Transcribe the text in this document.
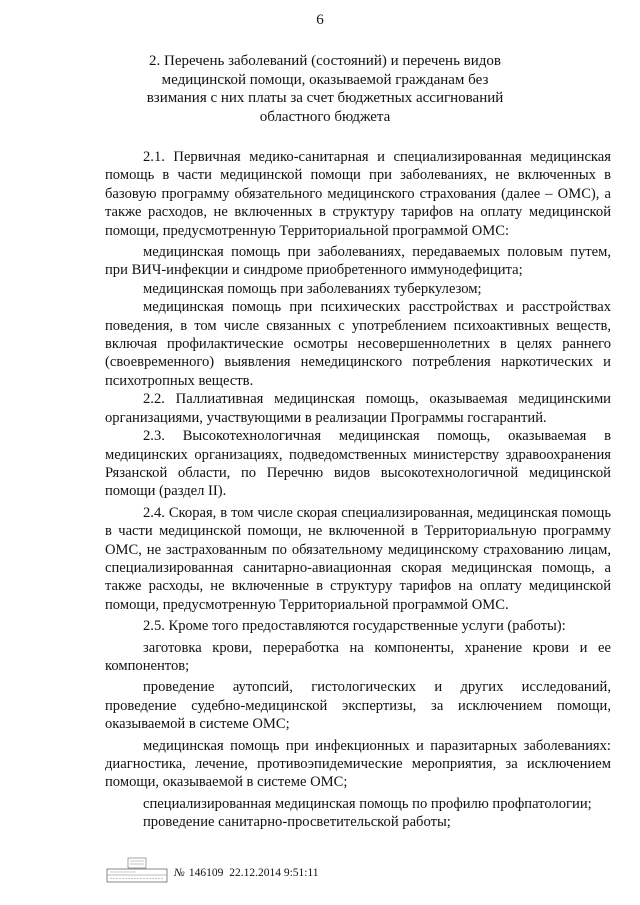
6
2. Перечень заболеваний (состояний) и перечень видов медицинской помощи, оказываемой гражданам без взимания с них платы за счет бюджетных ассигнований областного бюджета

2.1. Первичная медико-санитарная и специализированная медицинская помощь в части медицинской помощи при заболеваниях, не включенных в базовую программу обязательного медицинского страхования (далее – ОМС), а также расходов, не включенных в структуру тарифов на оплату медицинской помощи, предусмотренную Территориальной программой ОМС:

медицинская помощь при заболеваниях, передаваемых половым путем, при ВИЧ-инфекции и синдроме приобретенного иммунодефицита;

медицинская помощь при заболеваниях туберкулезом;

медицинская помощь при психических расстройствах и расстройствах поведения, в том числе связанных с употреблением психоактивных веществ, включая профилактические осмотры несовершеннолетних в целях раннего (своевременного) выявления немедицинского потребления наркотических и психотропных веществ.

2.2. Паллиативная медицинская помощь, оказываемая медицинскими организациями, участвующими в реализации Программы госгарантий.

2.3. Высокотехнологичная медицинская помощь, оказываемая в медицинских организациях, подведомственных министерству здравоохранения Рязанской области, по Перечню видов высокотехнологичной медицинской помощи (раздел II).

2.4. Скорая, в том числе скорая специализированная, медицинская помощь в части медицинской помощи, не включенной в Территориальную программу ОМС, не застрахованным по обязательному медицинскому страхованию лицам, специализированная санитарно-авиационная скорая медицинская помощь, а также расходы, не включенные в структуру тарифов на оплату медицинской помощи, предусмотренную Территориальной программой ОМС.

2.5. Кроме того предоставляются государственные услуги (работы):

заготовка крови, переработка на компоненты, хранение крови и ее компонентов;

проведение аутопсий, гистологических и других исследований, проведение судебно-медицинской экспертизы, за исключением помощи, оказываемой в системе ОМС;

медицинская помощь при инфекционных и паразитарных заболеваниях: диагностика, лечение, противоэпидемические мероприятия, за исключением помощи, оказываемой в системе ОМС;

специализированная медицинская помощь по профилю профпатологии;

проведение санитарно-просветительской работы;

№ 146109 22.12.2014 9:51:11
